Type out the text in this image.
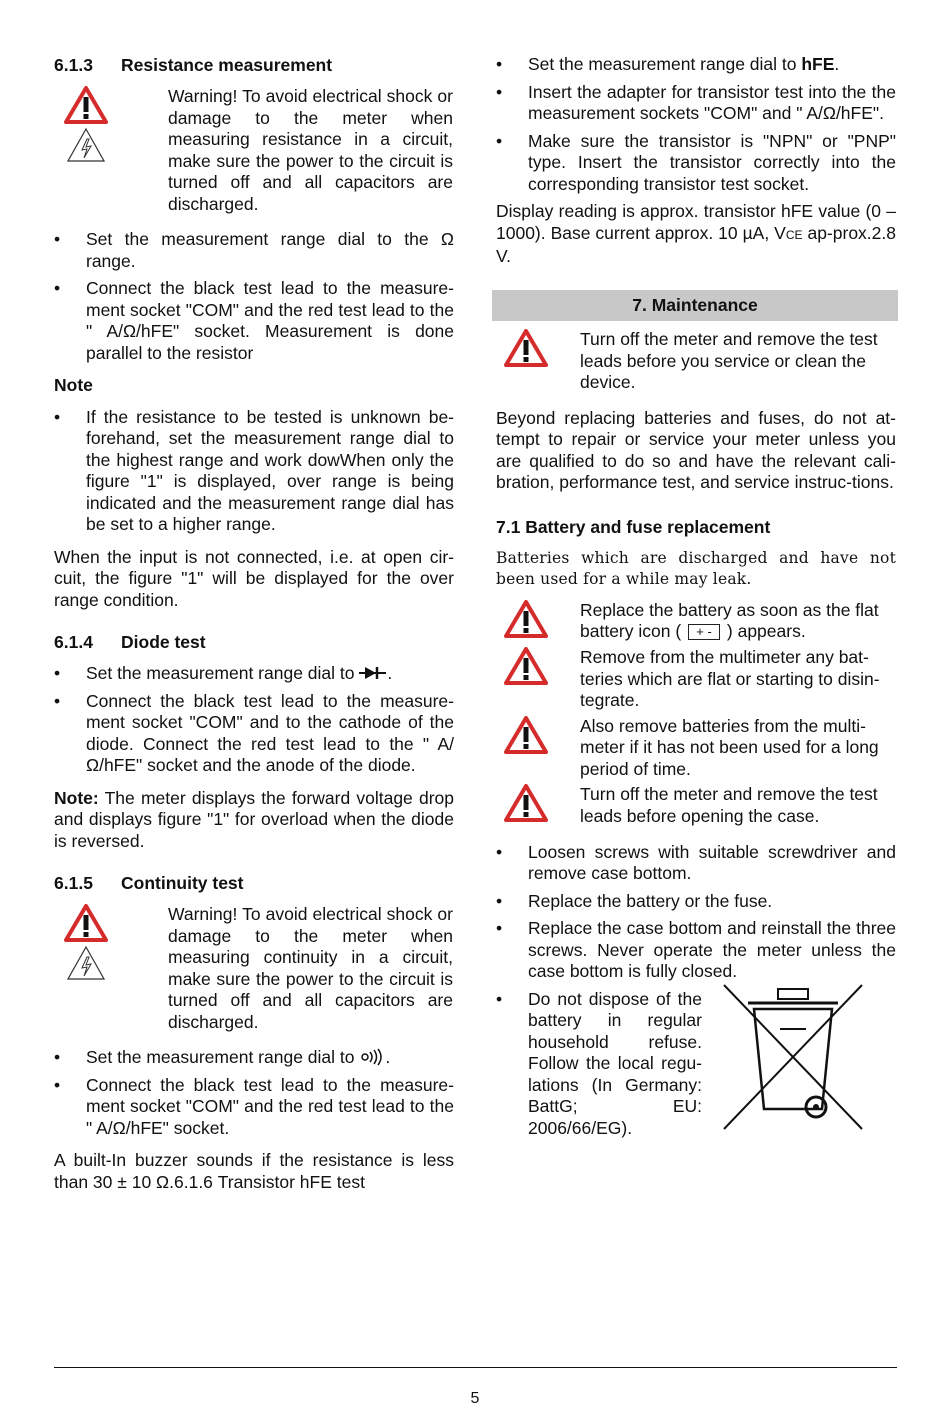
6.1.3 Resistance measurement
Warning! To avoid electrical shock or damage to the meter when measuring resistance in a circuit, make sure the power to the circuit is turned off and all capacitors are discharged.
• Set the measurement range dial to the Ω range.
• Connect the black test lead to the measure-ment socket "COM" and the red test lead to the " A/Ω/hFE" socket. Measurement is done parallel to the resistor
Note
• If the resistance to be tested is unknown be-forehand, set the measurement range dial to the highest range and work dowWhen only the figure "1" is displayed, over range is being indicated and the measurement range dial has be set to a higher range.

When the input is not connected, i.e. at open cir-cuit, the figure "1" will be displayed for the over range condition.

6.1.4 Diode test
• Set the measurement range dial to .
• Connect the black test lead to the measure-ment socket "COM" and to the cathode of the diode. Connect the red test lead to the " A/Ω/hFE" socket and the anode of the diode.

Note: The meter displays the forward voltage drop and displays figure "1" for overload when the diode is reversed.

6.1.5 Continuity test
Warning! To avoid electrical shock or damage to the meter when measuring continuity in a circuit, make sure the power to the circuit is turned off and all capacitors are discharged.
• Set the measurement range dial to .
• Connect the black test lead to the measure-ment socket "COM" and the red test lead to the " A/Ω/hFE" socket.

A built-In buzzer sounds if the resistance is less than 30 ± 10 Ω.6.1.6 Transistor hFE test

• Set the measurement range dial to hFE.
• Insert the adapter for transistor test into the the measurement sockets "COM" and " A/Ω/hFE".
• Make sure the transistor is "NPN" or "PNP" type. Insert the transistor correctly into the corresponding transistor test socket.

Display reading is approx. transistor hFE value (0 – 1000). Base current approx. 10 µA, VCE ap-prox.2.8 V.

7. Maintenance
Turn off the meter and remove the test leads before you service or clean the device.

Beyond replacing batteries and fuses, do not at-tempt to repair or service your meter unless you are qualified to do so and have the relevant cali-bration, performance test, and service instruc-tions.

7.1 Battery and fuse replacement

Batteries which are discharged and have not been used for a while may leak.

Replace the battery as soon as the flat battery icon ( + - ) appears.
Remove from the multimeter any bat-teries which are flat or starting to disin-tegrate.
Also remove batteries from the multi-meter if it has not been used for a long period of time.
Turn off the meter and remove the test leads before opening the case.
• Loosen screws with suitable screwdriver and remove case bottom.
• Replace the battery or the fuse.
• Replace the case bottom and reinstall the three screws. Never operate the meter unless the case bottom is fully closed.
• Do not dispose of the battery in regular household refuse. Follow the local regu-lations (In Germany: BattG; EU: 2006/66/EG).
5
